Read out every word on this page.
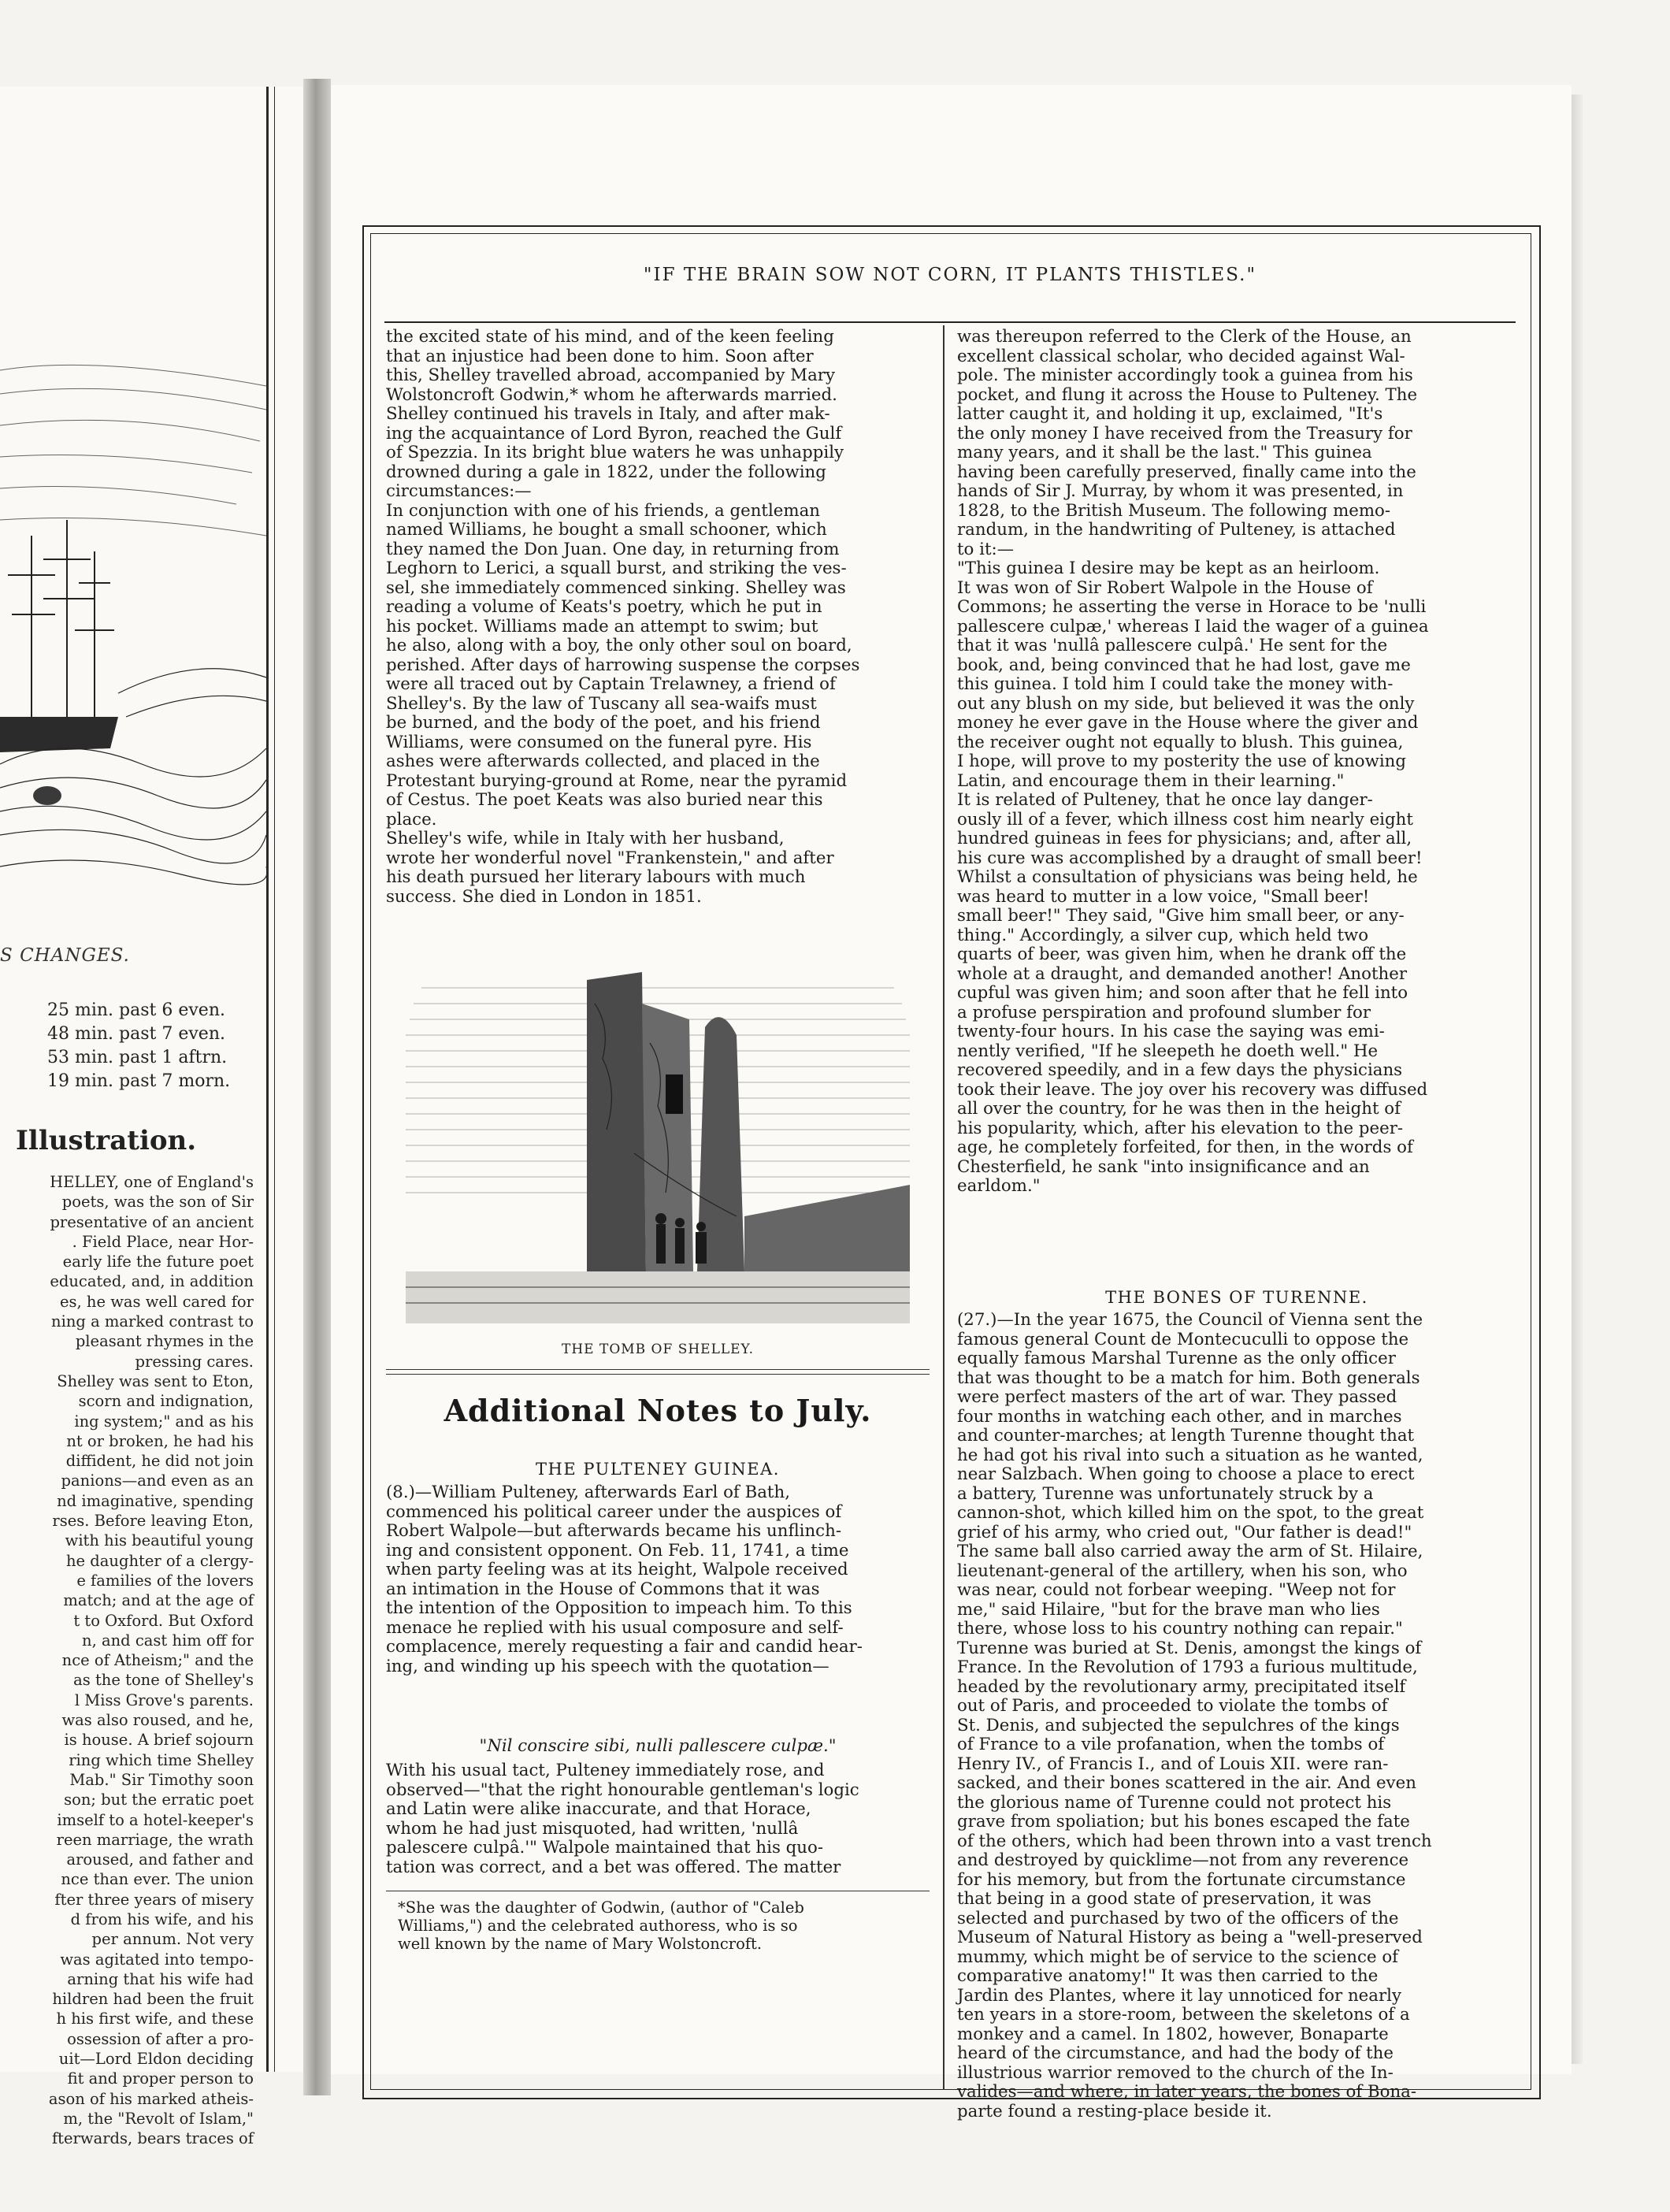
S CHANGES.
25 min. past 6 even.
48 min. past 7 even.
53 min. past 1 aftrn.
19 min. past 7 morn.
Illustration.
HELLEY, one of England's
poets, was the son of Sir
presentative of an ancient
. Field Place, near Hor-
early life the future poet
educated, and, in addition
es, he was well cared for
ning a marked contrast to
pleasant rhymes in the
pressing cares.
Shelley was sent to Eton,
scorn and indignation,
ing system;" and as his
nt or broken, he had his
diffident, he did not join
panions—and even as an
nd imaginative, spending
rses. Before leaving Eton,
with his beautiful young
he daughter of a clergy-
e families of the lovers
match; and at the age of
t to Oxford. But Oxford
n, and cast him off for
nce of Atheism;" and the
as the tone of Shelley's
l Miss Grove's parents.
was also roused, and he,
is house. A brief sojourn
ring which time Shelley
Mab." Sir Timothy soon
son; but the erratic poet
imself to a hotel-keeper's
reen marriage, the wrath
aroused, and father and
nce than ever. The union
fter three years of misery
d from his wife, and his
per annum. Not very
was agitated into tempo-
arning that his wife had
hildren had been the fruit
h his first wife, and these
ossession of after a pro-
uit—Lord Eldon deciding
fit and proper person to
ason of his marked atheis-
m, the "Revolt of Islam,"
fterwards, bears traces of
"IF THE BRAIN SOW NOT CORN, IT PLANTS THISTLES."
the excited state of his mind, and of the keen feeling
that an injustice had been done to him. Soon after
this, Shelley travelled abroad, accompanied by Mary
Wolstoncroft Godwin,* whom he afterwards married.
Shelley continued his travels in Italy, and after mak-
ing the acquaintance of Lord Byron, reached the Gulf
of Spezzia. In its bright blue waters he was unhappily
drowned during a gale in 1822, under the following
circumstances:—
In conjunction with one of his friends, a gentleman
named Williams, he bought a small schooner, which
they named the Don Juan. One day, in returning from
Leghorn to Lerici, a squall burst, and striking the ves-
sel, she immediately commenced sinking. Shelley was
reading a volume of Keats's poetry, which he put in
his pocket. Williams made an attempt to swim; but
he also, along with a boy, the only other soul on board,
perished. After days of harrowing suspense the corpses
were all traced out by Captain Trelawney, a friend of
Shelley's. By the law of Tuscany all sea-waifs must
be burned, and the body of the poet, and his friend
Williams, were consumed on the funeral pyre. His
ashes were afterwards collected, and placed in the
Protestant burying-ground at Rome, near the pyramid
of Cestus. The poet Keats was also buried near this
place.
Shelley's wife, while in Italy with her husband,
wrote her wonderful novel "Frankenstein," and after
his death pursued her literary labours with much
success. She died in London in 1851.
THE TOMB OF SHELLEY.
Additional Notes to July.
THE PULTENEY GUINEA.
(8.)—William Pulteney, afterwards Earl of Bath,
commenced his political career under the auspices of
Robert Walpole—but afterwards became his unflinch-
ing and consistent opponent. On Feb. 11, 1741, a time
when party feeling was at its height, Walpole received
an intimation in the House of Commons that it was
the intention of the Opposition to impeach him. To this
menace he replied with his usual composure and self-
complacence, merely requesting a fair and candid hear-
ing, and winding up his speech with the quotation—
"Nil conscire sibi, nulli pallescere culpæ."
With his usual tact, Pulteney immediately rose, and
observed—"that the right honourable gentleman's logic
and Latin were alike inaccurate, and that Horace,
whom he had just misquoted, had written, 'nullâ
palescere culpâ.'" Walpole maintained that his quo-
tation was correct, and a bet was offered. The matter
*She was the daughter of Godwin, (author of "Caleb
Williams,") and the celebrated authoress, who is so
well known by the name of Mary Wolstoncroft.
was thereupon referred to the Clerk of the House, an
excellent classical scholar, who decided against Wal-
pole. The minister accordingly took a guinea from his
pocket, and flung it across the House to Pulteney. The
latter caught it, and holding it up, exclaimed, "It's
the only money I have received from the Treasury for
many years, and it shall be the last." This guinea
having been carefully preserved, finally came into the
hands of Sir J. Murray, by whom it was presented, in
1828, to the British Museum. The following memo-
randum, in the handwriting of Pulteney, is attached
to it:—
"This guinea I desire may be kept as an heirloom.
It was won of Sir Robert Walpole in the House of
Commons; he asserting the verse in Horace to be 'nulli
pallescere culpæ,' whereas I laid the wager of a guinea
that it was 'nullâ pallescere culpâ.' He sent for the
book, and, being convinced that he had lost, gave me
this guinea. I told him I could take the money with-
out any blush on my side, but believed it was the only
money he ever gave in the House where the giver and
the receiver ought not equally to blush. This guinea,
I hope, will prove to my posterity the use of knowing
Latin, and encourage them in their learning."
It is related of Pulteney, that he once lay danger-
ously ill of a fever, which illness cost him nearly eight
hundred guineas in fees for physicians; and, after all,
his cure was accomplished by a draught of small beer!
Whilst a consultation of physicians was being held, he
was heard to mutter in a low voice, "Small beer!
small beer!" They said, "Give him small beer, or any-
thing." Accordingly, a silver cup, which held two
quarts of beer, was given him, when he drank off the
whole at a draught, and demanded another! Another
cupful was given him; and soon after that he fell into
a profuse perspiration and profound slumber for
twenty-four hours. In his case the saying was emi-
nently verified, "If he sleepeth he doeth well." He
recovered speedily, and in a few days the physicians
took their leave. The joy over his recovery was diffused
all over the country, for he was then in the height of
his popularity, which, after his elevation to the peer-
age, he completely forfeited, for then, in the words of
Chesterfield, he sank "into insignificance and an
earldom."
THE BONES OF TURENNE.
(27.)—In the year 1675, the Council of Vienna sent the
famous general Count de Montecuculli to oppose the
equally famous Marshal Turenne as the only officer
that was thought to be a match for him. Both generals
were perfect masters of the art of war. They passed
four months in watching each other, and in marches
and counter-marches; at length Turenne thought that
he had got his rival into such a situation as he wanted,
near Salzbach. When going to choose a place to erect
a battery, Turenne was unfortunately struck by a
cannon-shot, which killed him on the spot, to the great
grief of his army, who cried out, "Our father is dead!"
The same ball also carried away the arm of St. Hilaire,
lieutenant-general of the artillery, when his son, who
was near, could not forbear weeping. "Weep not for
me," said Hilaire, "but for the brave man who lies
there, whose loss to his country nothing can repair."
Turenne was buried at St. Denis, amongst the kings of
France. In the Revolution of 1793 a furious multitude,
headed by the revolutionary army, precipitated itself
out of Paris, and proceeded to violate the tombs of
St. Denis, and subjected the sepulchres of the kings
of France to a vile profanation, when the tombs of
Henry IV., of Francis I., and of Louis XII. were ran-
sacked, and their bones scattered in the air. And even
the glorious name of Turenne could not protect his
grave from spoliation; but his bones escaped the fate
of the others, which had been thrown into a vast trench
and destroyed by quicklime—not from any reverence
for his memory, but from the fortunate circumstance
that being in a good state of preservation, it was
selected and purchased by two of the officers of the
Museum of Natural History as being a "well-preserved
mummy, which might be of service to the science of
comparative anatomy!" It was then carried to the
Jardin des Plantes, where it lay unnoticed for nearly
ten years in a store-room, between the skeletons of a
monkey and a camel. In 1802, however, Bonaparte
heard of the circumstance, and had the body of the
illustrious warrior removed to the church of the In-
valides—and where, in later years, the bones of Bona-
parte found a resting-place beside it.
